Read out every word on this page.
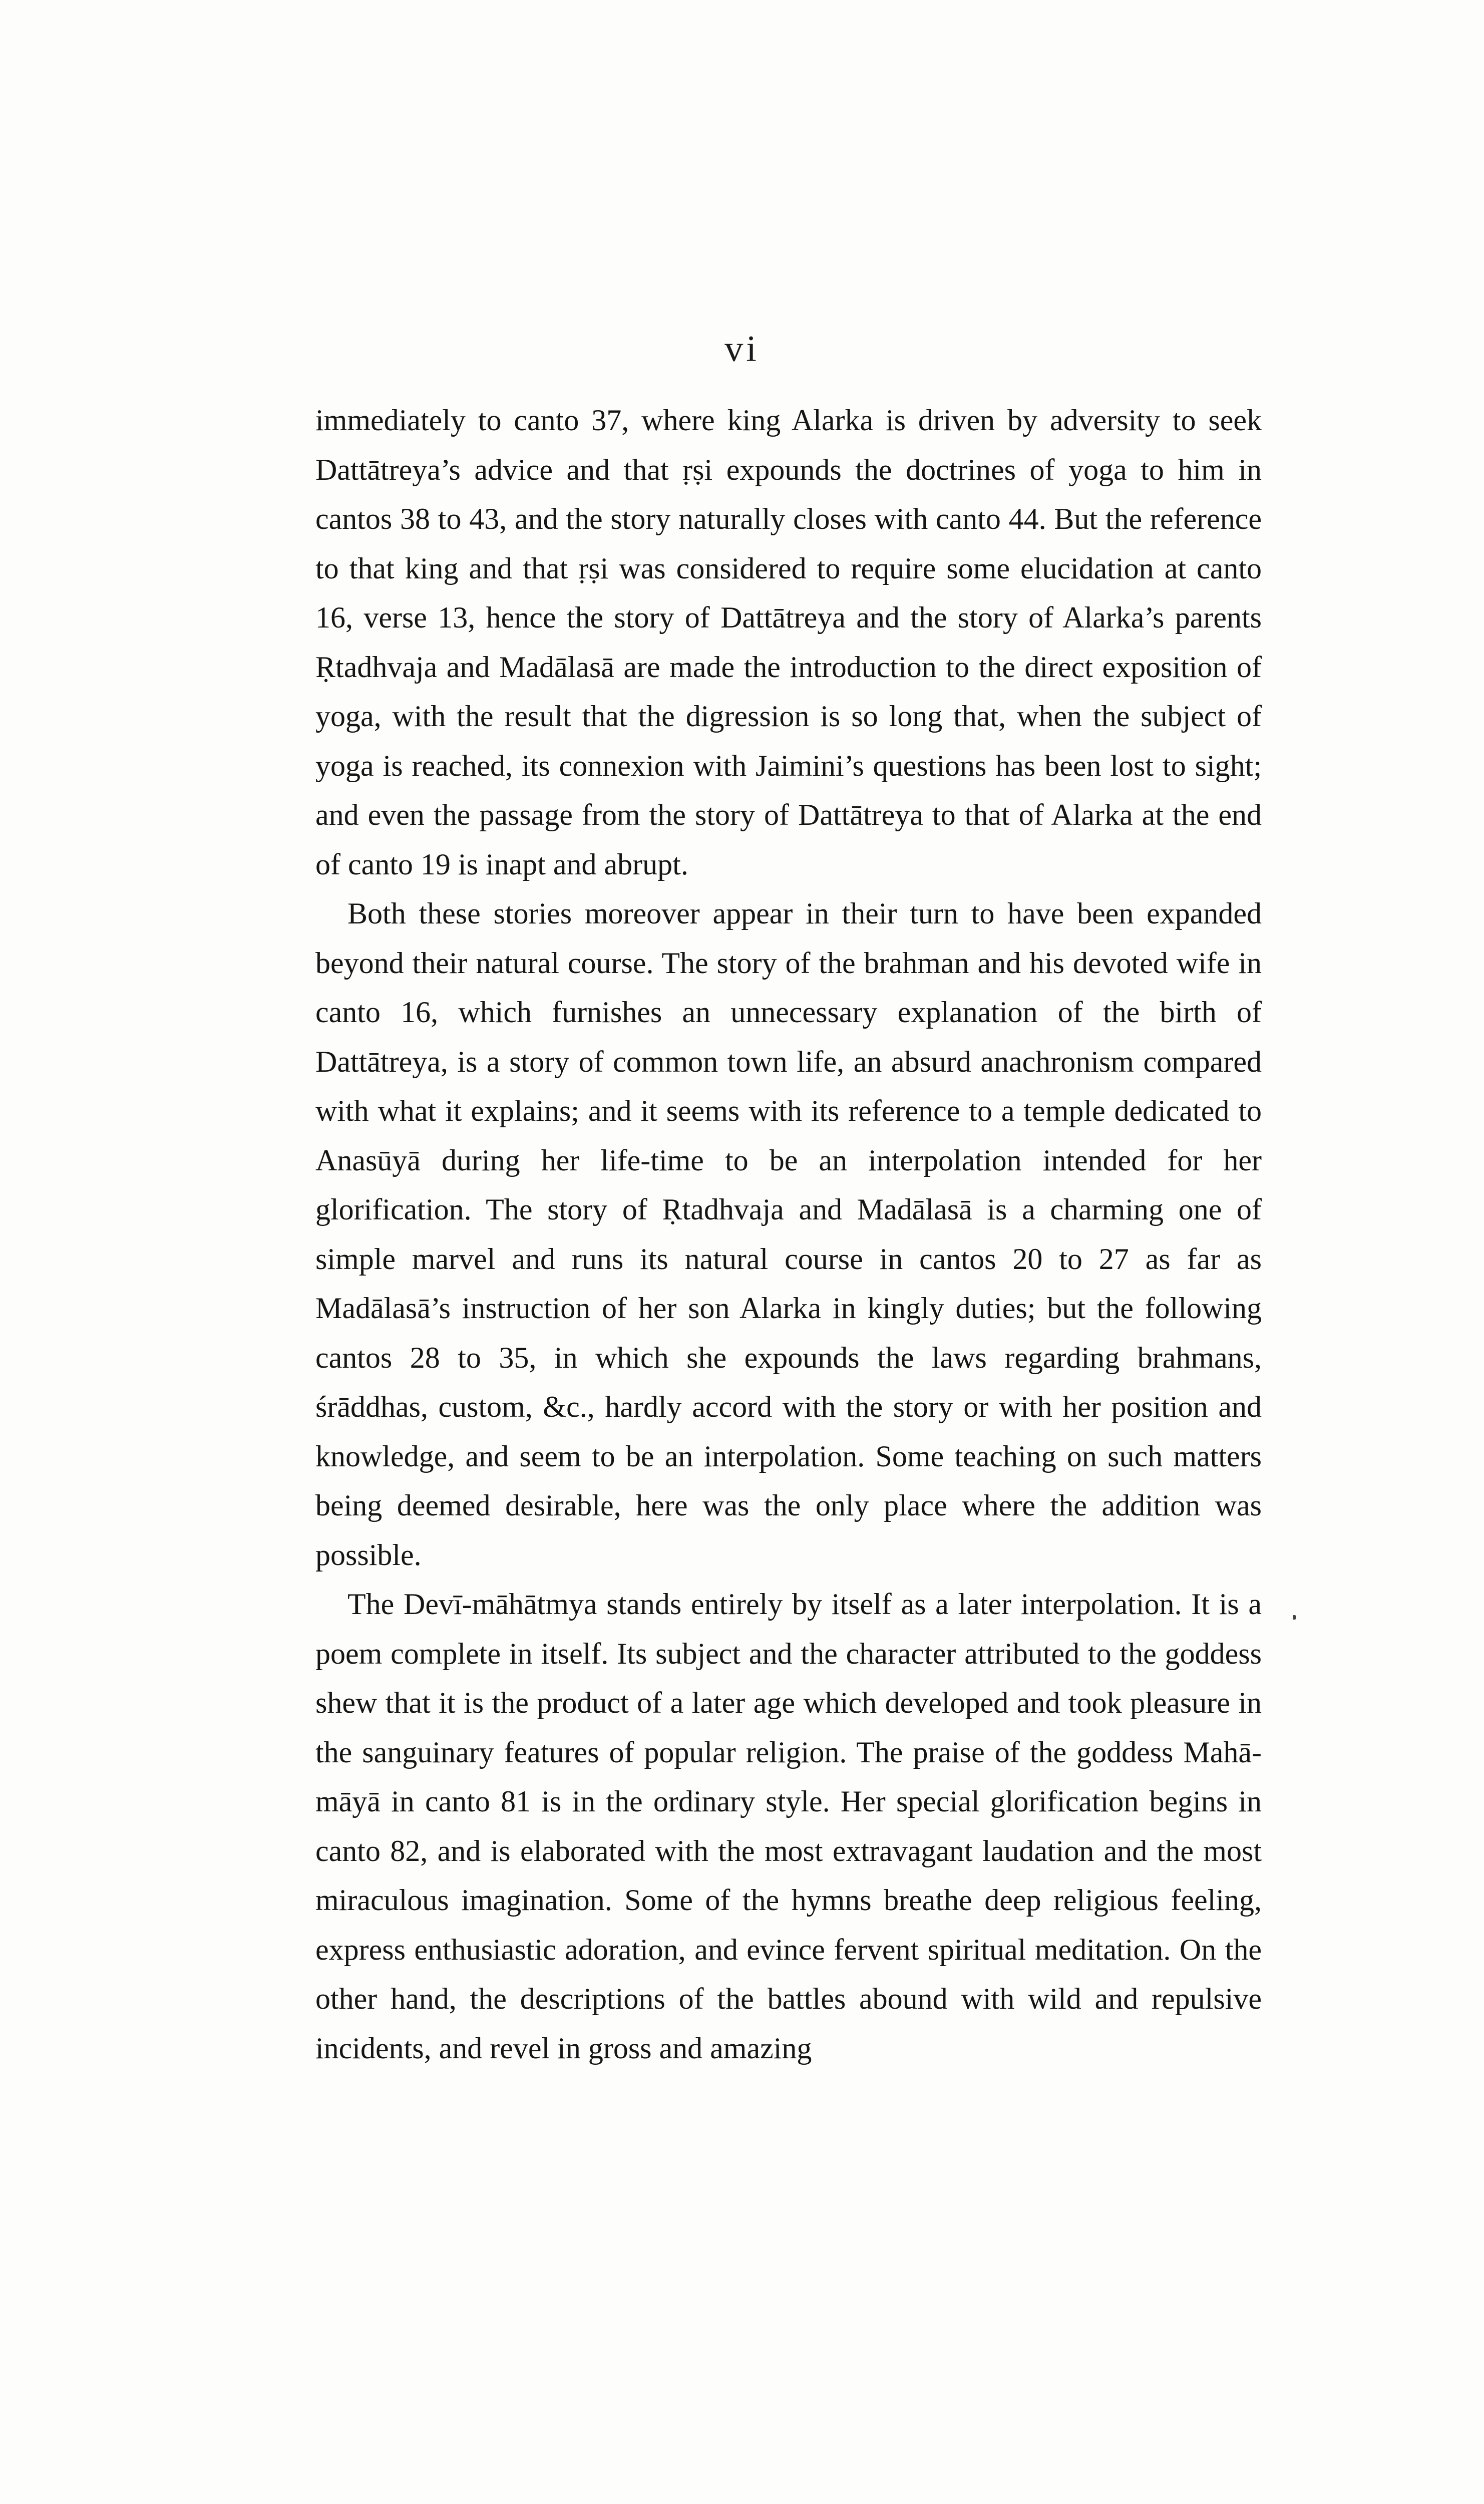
vi

immediately to canto 37, where king Alarka is driven by adversity to seek Dattātreya’s advice and that ṛṣi expounds the doctrines of yoga to him in cantos 38 to 43, and the story naturally closes with canto 44. But the reference to that king and that ṛṣi was considered to require some elucidation at canto 16, verse 13, hence the story of Dattātreya and the story of Alarka’s parents Ṛtadhvaja and Madālasā are made the introduction to the direct exposition of yoga, with the result that the digression is so long that, when the subject of yoga is reached, its connexion with Jaimini’s questions has been lost to sight; and even the passage from the story of Dattātreya to that of Alarka at the end of canto 19 is inapt and abrupt.

Both these stories moreover appear in their turn to have been expanded beyond their natural course. The story of the brahman and his devoted wife in canto 16, which furnishes an unnecessary explanation of the birth of Dattātreya, is a story of common town life, an absurd anachronism compared with what it explains; and it seems with its reference to a temple dedicated to Anasūyā during her life-time to be an interpolation intended for her glorification. The story of Ṛtadhvaja and Madālasā is a charming one of simple marvel and runs its natural course in cantos 20 to 27 as far as Madālasā’s instruction of her son Alarka in kingly duties; but the following cantos 28 to 35, in which she expounds the laws regarding brahmans, śrāddhas, custom, &c., hardly accord with the story or with her position and knowledge, and seem to be an interpolation. Some teaching on such matters being deemed desirable, here was the only place where the addition was possible.

The Devī-māhātmya stands entirely by itself as a later interpolation. It is a poem complete in itself. Its subject and the character attributed to the goddess shew that it is the product of a later age which developed and took pleasure in the sanguinary features of popular religion. The praise of the goddess Mahā-māyā in canto 81 is in the ordinary style. Her special glorification begins in canto 82, and is elaborated with the most extravagant laudation and the most miraculous imagination. Some of the hymns breathe deep religious feeling, express enthusiastic adoration, and evince fervent spiritual meditation. On the other hand, the descriptions of the battles abound with wild and repulsive incidents, and revel in gross and amazing
